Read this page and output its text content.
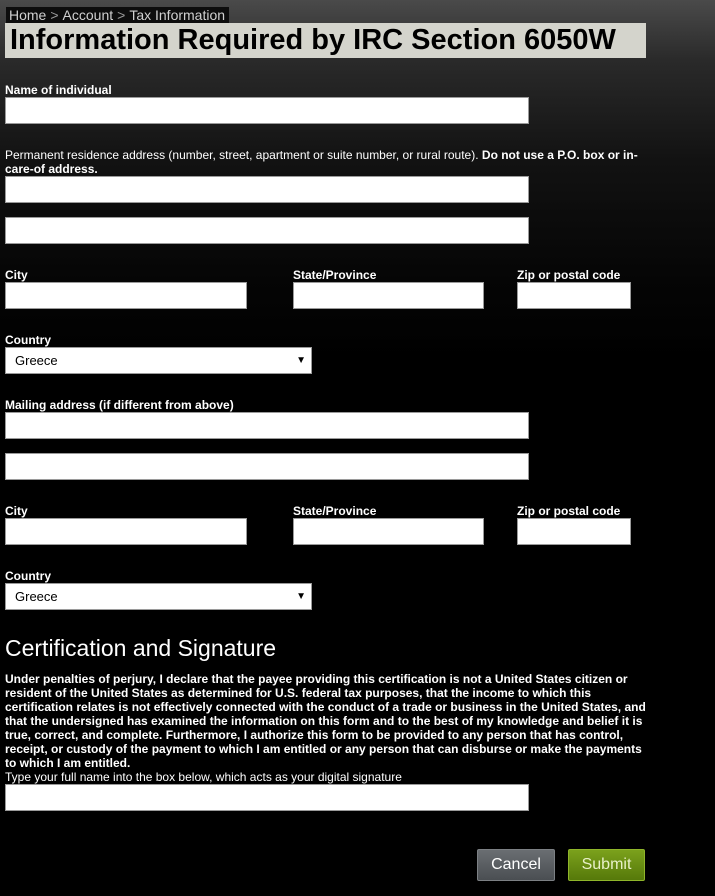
Home > Account > Tax Information
Information Required by IRC Section 6050W
Name of individual
Permanent residence address (number, street, apartment or suite number, or rural route). Do not use a P.O. box or in-care-of address.
City	State/Province	Zip or postal code
Country
Greece	▼
Mailing address (if different from above)
City	State/Province	Zip or postal code
Country
Greece	▼
Certification and Signature
Under penalties of perjury, I declare that the payee providing this certification is not a United States citizen or resident of the United States as determined for U.S. federal tax purposes, that the income to which this certification relates is not effectively connected with the conduct of a trade or business in the United States, and that the undersigned has examined the information on this form and to the best of my knowledge and belief it is true, correct, and complete. Furthermore, I authorize this form to be provided to any person that has control, receipt, or custody of the payment to which I am entitled or any person that can disburse or make the payments to which I am entitled.
Type your full name into the box below, which acts as your digital signature
Cancel	Submit
